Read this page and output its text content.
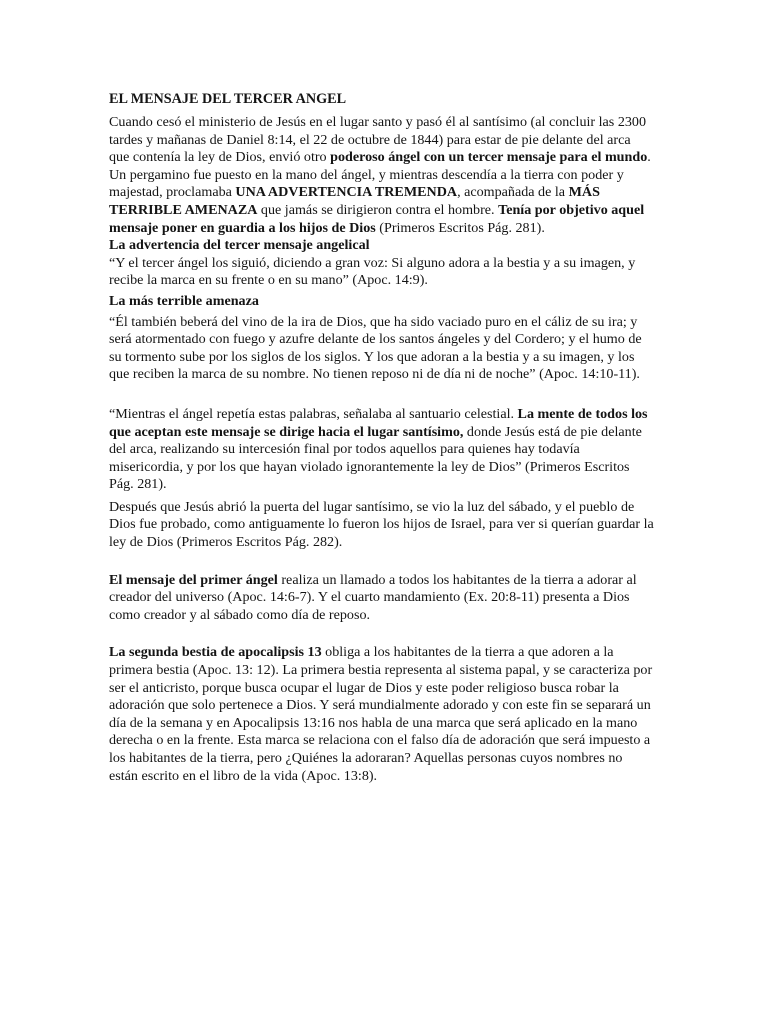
EL MENSAJE DEL TERCER ANGEL

Cuando cesó el ministerio de Jesús en el lugar santo y pasó él al santísimo (al concluir las 2300 tardes y mañanas de Daniel 8:14, el 22 de octubre de 1844) para estar de pie delante del arca que contenía la ley de Dios, envió otro poderoso ángel con un tercer mensaje para el mundo. Un pergamino fue puesto en la mano del ángel, y mientras descendía a la tierra con poder y majestad, proclamaba UNA ADVERTENCIA TREMENDA, acompañada de la MÁS TERRIBLE AMENAZA que jamás se dirigieron contra el hombre. Tenía por objetivo aquel mensaje poner en guardia a los hijos de Dios (Primeros Escritos Pág. 281).

La advertencia del tercer mensaje angelical

“Y el tercer ángel los siguió, diciendo a gran voz: Si alguno adora a la bestia y a su imagen, y recibe la marca en su frente o en su mano” (Apoc. 14:9).

La más terrible amenaza

“Él también beberá del vino de la ira de Dios, que ha sido vaciado puro en el cáliz de su ira; y será atormentado con fuego y azufre delante de los santos ángeles y del Cordero; y el humo de su tormento sube por los siglos de los siglos. Y los que adoran a la bestia y a su imagen, y los que reciben la marca de su nombre. No tienen reposo ni de día ni de noche” (Apoc. 14:10-11).

“Mientras el ángel repetía estas palabras, señalaba al santuario celestial. La mente de todos los que aceptan este mensaje se dirige hacia el lugar santísimo, donde Jesús está de pie delante del arca, realizando su intercesión final por todos aquellos para quienes hay todavía misericordia, y por los que hayan violado ignorantemente la ley de Dios” (Primeros Escritos Pág. 281).

Después que Jesús abrió la puerta del lugar santísimo, se vio la luz del sábado, y el pueblo de Dios fue probado, como antiguamente lo fueron los hijos de Israel, para ver si querían guardar la ley de Dios (Primeros Escritos Pág. 282).

El mensaje del primer ángel realiza un llamado a todos los habitantes de la tierra a adorar al creador del universo (Apoc. 14:6-7). Y el cuarto mandamiento (Ex. 20:8-11) presenta a Dios como creador y al sábado como día de reposo.

La segunda bestia de apocalipsis 13 obliga a los habitantes de la tierra a que adoren a la primera bestia (Apoc. 13: 12). La primera bestia representa al sistema papal, y se caracteriza por ser el anticristo, porque busca ocupar el lugar de Dios y este poder religioso busca robar la adoración que solo pertenece a Dios. Y será mundialmente adorado y con este fin se separará un día de la semana y en Apocalipsis 13:16 nos habla de una marca que será aplicado en la mano derecha o en la frente. Esta marca se relaciona con el falso día de adoración que será impuesto a los habitantes de la tierra, pero ¿Quiénes la adoraran? Aquellas personas cuyos nombres no están escrito en el libro de la vida (Apoc. 13:8).
